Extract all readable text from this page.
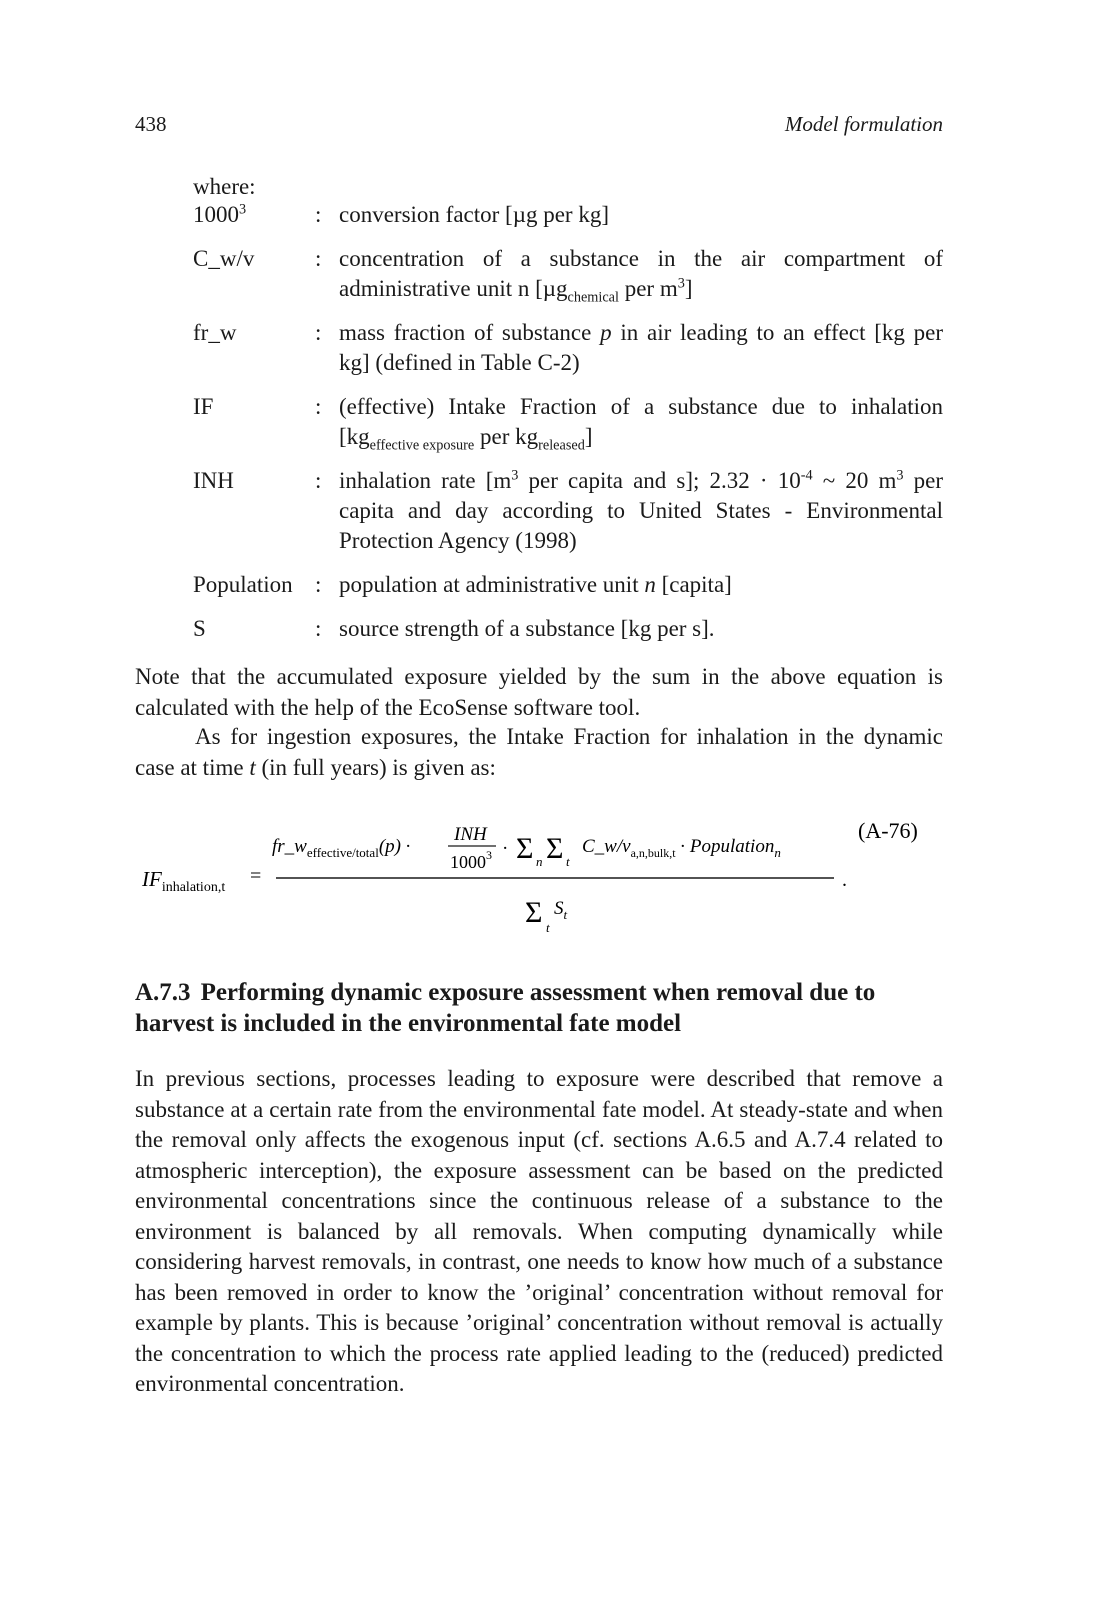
438	Model formulation
where:
1000$^3$	: conversion factor [µg per kg]
C_w/v	: concentration of a substance in the air compartment of administrative unit n [µg$_{chemical}$ per $m^3$]
fr_w	: mass fraction of substance p in air leading to an effect [kg per kg] (defined in Table C-2)
IF	: (effective) Intake Fraction of a substance due to inhalation [$kg_{effective exposure}$ per $kg_{released}$]
INH	: inhalation rate [$m^3$ per capita and s]; $2.32 \cdot 10^{-4}$ ~ 20 $m^3$ per capita and day according to United States - Environmental Protection Agency (1998)
Population : population at administrative unit n [capita]
S	: source strength of a substance [kg per s].
Note that the accumulated exposure yielded by the sum in the above equation is calculated with the help of the EcoSense software tool.
As for ingestion exposures, the Intake Fraction for inhalation in the dynamic case at time t (in full years) is given as:
(A-76)
$IF_{inhalation,t}$
=
$fr\_w_{effective/total}(p)$ ·
INH
$1000^3 \cdot \Sigma$ n Σ t
$C\_w/v_{a,n,bulk,t}$ · Population$_n$
.
Σ t
$S_t$
A.7.3 Performing dynamic exposure assessment when removal due to harvest is included in the environmental fate model
In previous sections, processes leading to exposure were described that remove a substance at a certain rate from the environmental fate model. At steady-state and when the removal only affects the exogenous input (cf. sections A.6.5 and A.7.4 related to atmospheric interception), the exposure assessment can be based on the predicted environmental concentrations since the continuous release of a substance to the environment is balanced by all removals. When computing dynamically while considering harvest removals, in contrast, one needs to know how much of a substance has been removed in order to know the ’original’ concentration without removal for example by plants. This is because ’original’ concentration without removal is actually the concentration to which the process rate applied leading to the (reduced) predicted environmental concentration.
